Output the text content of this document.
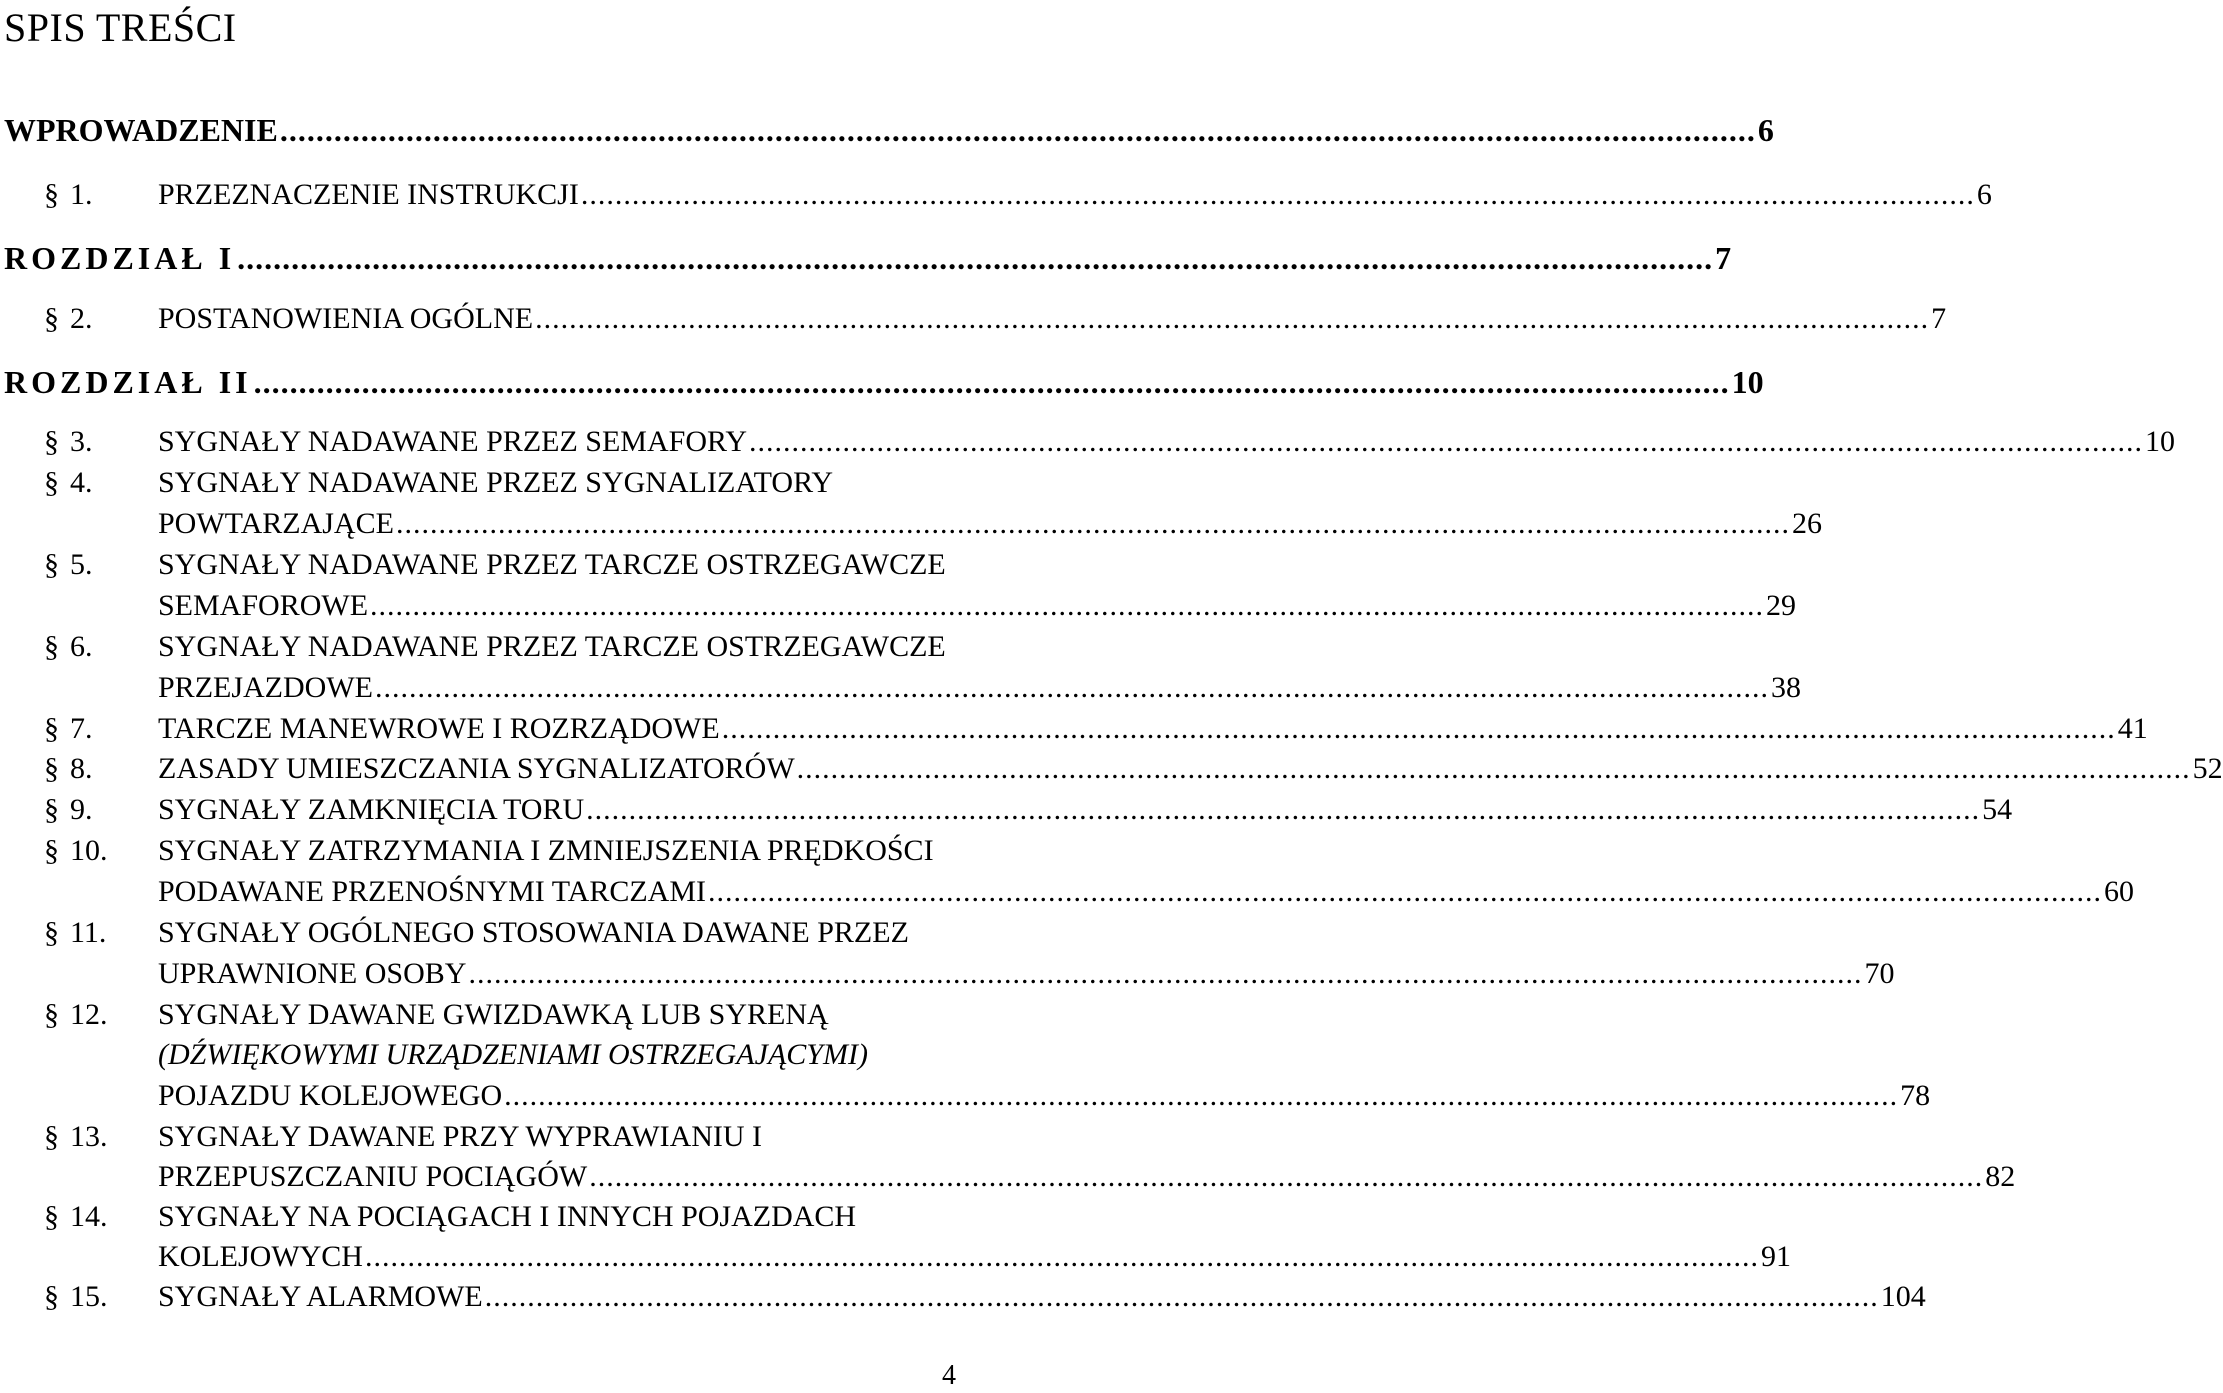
SPIS TREŚCI
WPROWADZENIE .................................................................................................................................................................... 6
§ 1. PRZEZNACZENIE INSTRUKCJI .................................................................................................................................................................... 6
ROZDZIAŁ I .................................................................................................................................................................... 7
§ 2. POSTANOWIENIA OGÓLNE .................................................................................................................................................................... 7
ROZDZIAŁ II .................................................................................................................................................................... 10
§ 3. SYGNAŁY NADAWANE PRZEZ SEMAFORY .................................................................................................................................................................... 10
§ 4. SYGNAŁY NADAWANE PRZEZ SYGNALIZATORY
POWTARZAJĄCE .................................................................................................................................................................... 26
§ 5. SYGNAŁY NADAWANE PRZEZ TARCZE OSTRZEGAWCZE
SEMAFOROWE .................................................................................................................................................................... 29
§ 6. SYGNAŁY NADAWANE PRZEZ TARCZE OSTRZEGAWCZE
PRZEJAZDOWE .................................................................................................................................................................... 38
§ 7. TARCZE MANEWROWE I ROZRZĄDOWE .................................................................................................................................................................... 41
§ 8. ZASADY UMIESZCZANIA SYGNALIZATORÓW .................................................................................................................................................................... 52
§ 9. SYGNAŁY ZAMKNIĘCIA TORU .................................................................................................................................................................... 54
§ 10. SYGNAŁY ZATRZYMANIA I ZMNIEJSZENIA PRĘDKOŚCI
PODAWANE PRZENOŚNYMI TARCZAMI .................................................................................................................................................................... 60
§ 11. SYGNAŁY OGÓLNEGO STOSOWANIA DAWANE PRZEZ
UPRAWNIONE OSOBY .................................................................................................................................................................... 70
§ 12. SYGNAŁY DAWANE GWIZDAWKĄ LUB SYRENĄ
(DŹWIĘKOWYMI URZĄDZENIAMI OSTRZEGAJĄCYMI)
POJAZDU KOLEJOWEGO .................................................................................................................................................................... 78
§ 13. SYGNAŁY DAWANE PRZY WYPRAWIANIU I
PRZEPUSZCZANIU POCIĄGÓW .................................................................................................................................................................... 82
§ 14. SYGNAŁY NA POCIĄGACH I INNYCH POJAZDACH
KOLEJOWYCH .................................................................................................................................................................... 91
§ 15. SYGNAŁY ALARMOWE .................................................................................................................................................................... 104
4
